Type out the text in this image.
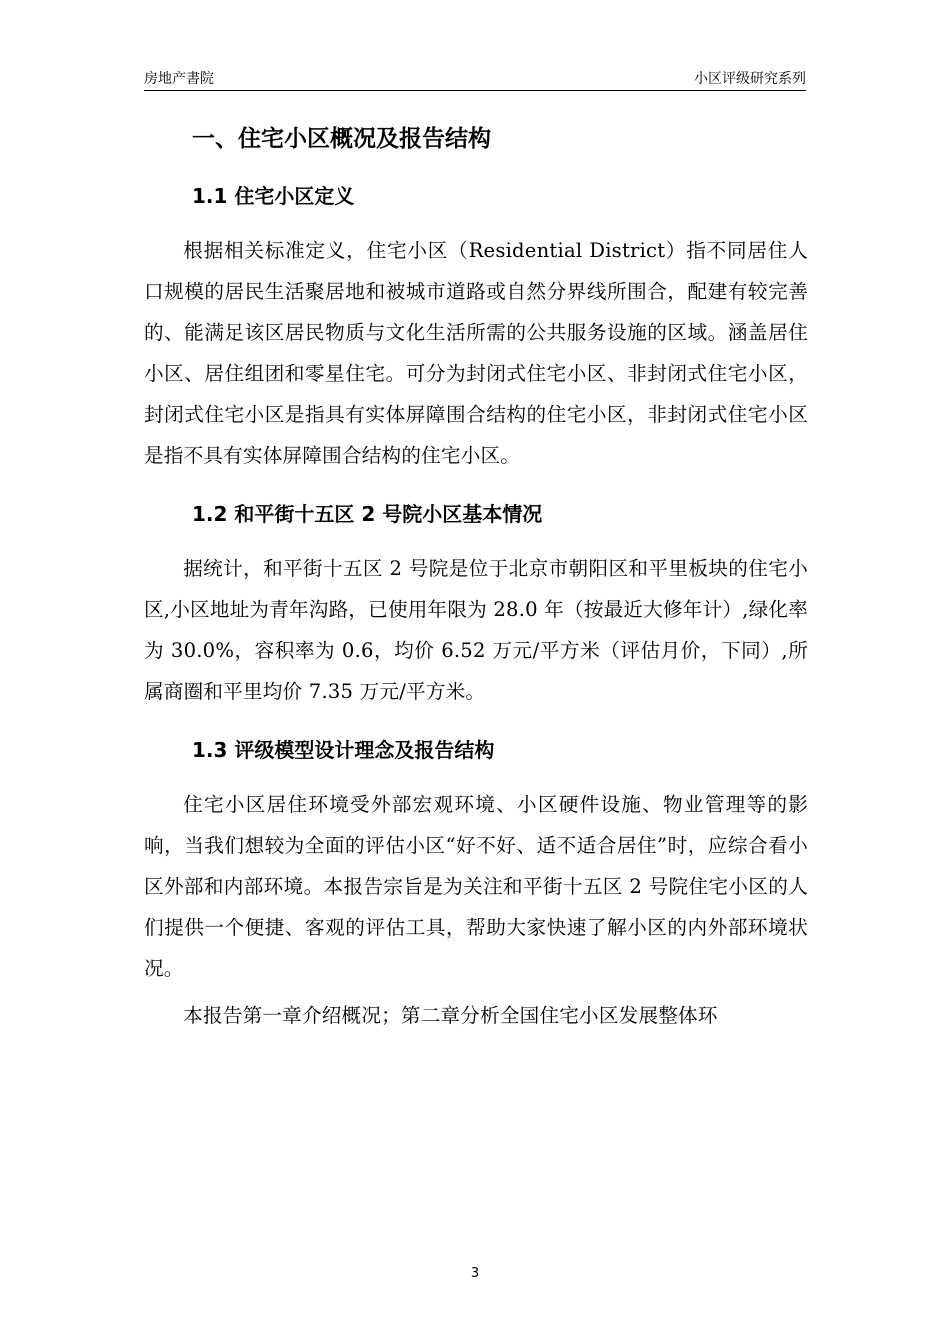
房地产書院	小区评级研究系列
一、住宅小区概况及报告结构
1.1 住宅小区定义

根据相关标准定义，住宅小区（Residential District）指不同居住人口规模的居民生活聚居地和被城市道路或自然分界线所围合，配建有较完善的、能满足该区居民物质与文化生活所需的公共服务设施的区域。涵盖居住小区、居住组团和零星住宅。可分为封闭式住宅小区、非封闭式住宅小区，封闭式住宅小区是指具有实体屏障围合结构的住宅小区，非封闭式住宅小区是指不具有实体屏障围合结构的住宅小区。

1.2 和平街十五区 2 号院小区基本情况

据统计，和平街十五区 2 号院是位于北京市朝阳区和平里板块的住宅小区,小区地址为青年沟路，已使用年限为 28.0 年（按最近大修年计）,绿化率为 30.0%，容积率为 0.6，均价 6.52 万元/平方米（评估月价，下同）,所属商圈和平里均价 7.35 万元/平方米。

1.3 评级模型设计理念及报告结构

住宅小区居住环境受外部宏观环境、小区硬件设施、物业管理等的影响，当我们想较为全面的评估小区“好不好、适不适合居住”时，应综合看小区外部和内部环境。本报告宗旨是为关注和平街十五区 2 号院住宅小区的人们提供一个便捷、客观的评估工具，帮助大家快速了解小区的内外部环境状况。

本报告第一章介绍概况；第二章分析全国住宅小区发展整体环

3
